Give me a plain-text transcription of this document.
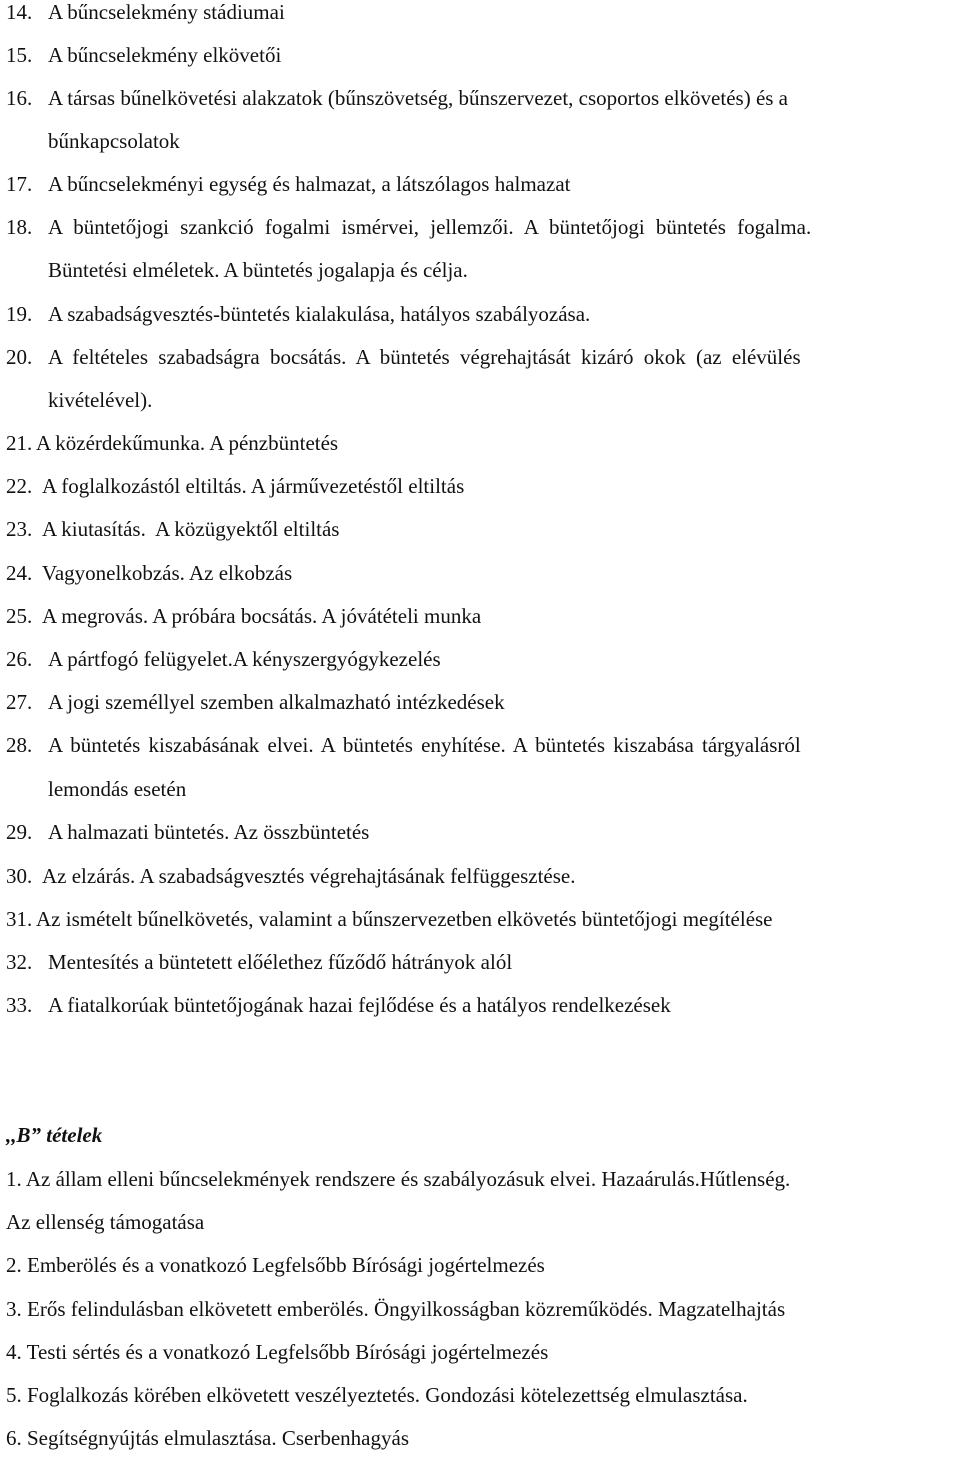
14. A bűncselekmény stádiumai
15. A bűncselekmény elkövetői
16. A társas bűnelkövetési alakzatok (bűnszövetség, bűnszervezet, csoportos elkövetés) és a
bűnkapcsolatok
17. A bűncselekményi egység és halmazat, a látszólagos halmazat
18. A büntetőjogi szankció fogalmi ismérvei, jellemzői. A büntetőjogi büntetés fogalma.
Büntetési elméletek. A büntetés jogalapja és célja.
19. A szabadságvesztés-büntetés kialakulása, hatályos szabályozása.
20. A feltételes szabadságra bocsátás. A büntetés végrehajtását kizáró okok (az elévülés
kivételével).
21. A közérdekűmunka. A pénzbüntetés
22. A foglalkozástól eltiltás. A járművezetéstől eltiltás
23. A kiutasítás.  A közügyektől eltiltás
24. Vagyonelkobzás. Az elkobzás
25. A megrovás. A próbára bocsátás. A jóvátételi munka
26. A pártfogó felügyelet.A kényszergyógykezelés
27. A jogi személlyel szemben alkalmazható intézkedések
28. A büntetés kiszabásának elvei. A büntetés enyhítése. A büntetés kiszabása tárgyalásról
lemondás esetén
29. A halmazati büntetés. Az összbüntetés
30. Az elzárás. A szabadságvesztés végrehajtásának felfüggesztése.
31. Az ismételt bűnelkövetés, valamint a bűnszervezetben elkövetés büntetőjogi megítélése
32. Mentesítés a büntetett előélethez fűződő hátrányok alól
33. A fiatalkorúak büntetőjogának hazai fejlődése és a hatályos rendelkezések
,,B” tételek
1. Az állam elleni bűncselekmények rendszere és szabályozásuk elvei. Hazaárulás.Hűtlenség.
Az ellenség támogatása
2. Emberölés és a vonatkozó Legfelsőbb Bírósági jogértelmezés
3. Erős felindulásban elkövetett emberölés. Öngyilkosságban közreműködés. Magzatelhajtás
4. Testi sértés és a vonatkozó Legfelsőbb Bírósági jogértelmezés
5. Foglalkozás körében elkövetett veszélyeztetés. Gondozási kötelezettség elmulasztása.
6. Segítségnyújtás elmulasztása. Cserbenhagyás
